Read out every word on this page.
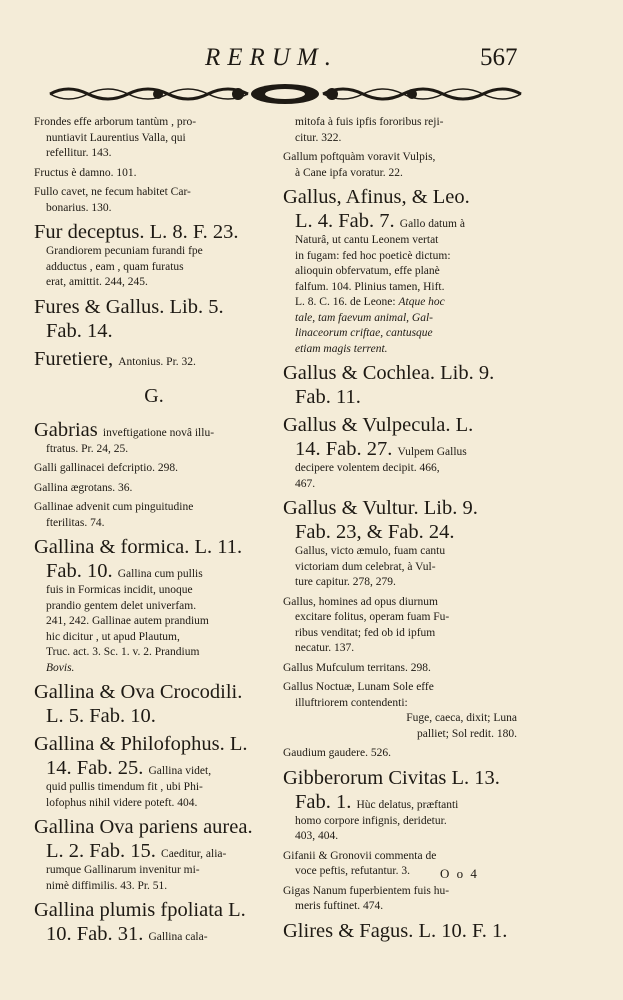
RERUM.	567
Frondes effe arborum tantùm , pro-
nuntiavit Laurentius Valla, qui
refellitur. 143.
Fructus è damno. 101.
Fullo cavet, ne fecum habitet Car-
bonarius. 130.
Fur deceptus. L. 8. F. 23.
Grandiorem pecuniam furandi fpe
adductus , eam , quam furatus
erat, amittit. 244, 245.
Fures & Gallus. Lib. 5.
Fab. 14.
Furetiere, Antonius. Pr. 32.
G.
Gabrias inveftigatione novâ illu-
ftratus. Pr. 24, 25.
Galli gallinacei defcriptio. 298.
Gallina ægrotans. 36.
Gallinae advenit cum pinguitudine
fterilitas. 74.
Gallina & formica. L. 11.
Fab. 10. Gallina cum pullis
fuis in Formicas incidit, unoque
prandio gentem delet univerfam.
241, 242. Gallinae autem prandium
hic dicitur , ut apud Plautum,
Truc. act. 3. Sc. 1. v. 2. Prandium
Bovis.
Gallina & Ova Crocodili.
L. 5. Fab. 10.
Gallina & Philofophus. L.
14. Fab. 25. Gallina videt,
quid pullis timendum fit , ubi Phi-
lofophus nihil videre poteft. 404.
Gallina Ova pariens aurea.
L. 2. Fab. 15. Caeditur, alia-
rumque Gallinarum invenitur mi-
nimè diffimilis. 43. Pr. 51.
Gallina plumis fpoliata L.
10. Fab. 31. Gallina cala-
mitofa à fuis ipfis fororibus reji-
citur. 322.
Gallum poftquàm voravit Vulpis,
à Cane ipfa voratur. 22.
Gallus, Afinus, & Leo.
L. 4. Fab. 7. Gallo datum à
Naturâ, ut cantu Leonem vertat
in fugam: fed hoc poeticè dictum:
alioquin obfervatum, effe planè
falfum. 104. Plinius tamen, Hift.
L. 8. C. 16. de Leone: Atque hoc
tale, tam faevum animal, Gal-
linaceorum criftae, cantusque
etiam magis terrent.
Gallus & Cochlea. Lib. 9.
Fab. 11.
Gallus & Vulpecula. L.
14. Fab. 27. Vulpem Gallus
decipere volentem decipit. 466,
467.
Gallus & Vultur. Lib. 9.
Fab. 23, & Fab. 24.
Gallus, victo æmulo, fuam cantu
victoriam dum celebrat, à Vul-
ture capitur. 278, 279.
Gallus, homines ad opus diurnum
excitare folitus, operam fuam Fu-
ribus venditat; fed ob id ipfum
necatur. 137.
Gallus Mufculum territans. 298.
Gallus Noctuæ, Lunam Sole effe
illuftriorem contendenti:
Fuge, caeca, dixit; Luna
palliet; Sol redit. 180.
Gaudium gaudere. 526.
Gibberorum Civitas L. 13.
Fab. 1. Hùc delatus, præftanti
homo corpore infignis, deridetur.
403, 404.
Gifanii & Gronovii commenta de
voce peftis, refutantur. 3.
Gigas Nanum fuperbientem fuis hu-
meris fuftinet. 474.
Glires & Fagus. L. 10. F. 1.
O o 4
